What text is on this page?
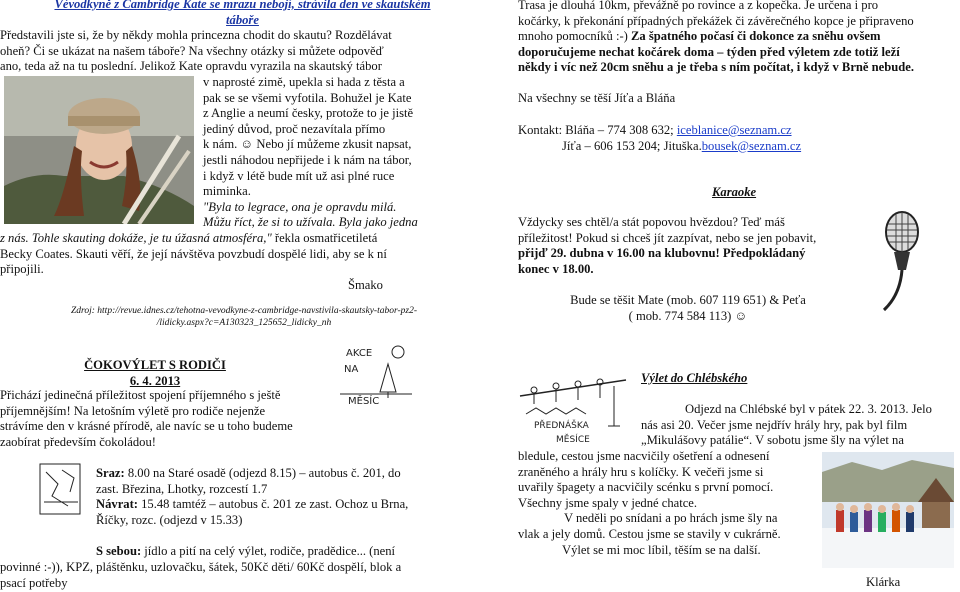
Vévodkyně z Cambridge Kate se mrazu nebojí, strávila den ve skautském
táboře
Představili jste si, že by někdy mohla princezna chodit do skautu? Rozdělávat
oheň? Či se ukázat na našem táboře? Na všechny otázky si můžete odpověď
ano, teda až na tu poslední. Jelikož Kate opravdu vyrazila na skautský tábor
v naprosté zimě, upekla si hada z těsta a
pak se se všemi vyfotila. Bohužel je Kate
z Anglie a neumí česky, protože to je jistě
jediný důvod, proč nezavítala přímo
k nám. ☺ Nebo jí můžeme zkusit napsat,
jestli náhodou nepřijede i k nám na tábor,
i když v létě bude mít už asi plné ruce
miminka.
"Byla to legrace, ona je opravdu milá.
Můžu říct, že si to užívala. Byla jako jedna
z nás. Tohle skauting dokáže, je tu úžasná atmosféra," řekla osmatřicetiletá
Becky Coates. Skauti věří, že její návštěva povzbudí dospělé lidi, aby se k ní
připojili.
Šmako
Zdroj: http://revue.idnes.cz/tehotna-vevodkyne-z-cambridge-navstivila-skautsky-tabor-pz2-
/lidicky.aspx?c=A130323_125652_lidicky_nh
Trasa je dlouhá 10km, převážně po rovince a z kopečka. Je určena i pro
kočárky, k překonání případných překážek či závěrečného kopce je připraveno
mnoho pomocníků :-) Za špatného počasí či dokonce za sněhu ovšem
doporučujeme nechat kočárek doma – týden před výletem zde totiž leží
někdy i víc než 20cm sněhu a je třeba s ním počítat, i když v Brně nebude.
Na všechny se těší Jíťa a Bláňa
Kontakt: Bláňa – 774 308 632; iceblanice@seznam.cz
Jíťa – 606 153 204; Jituška.bousek@seznam.cz
Karaoke
Vždycky ses chtěl/a stát popovou hvězdou? Teď máš
příležitost! Pokud si chceš jít zazpívat, nebo se jen pobavit,
přijď 29. dubna v 16.00 na klubovnu! Předpokládaný
konec v 18.00.
Bude se těšit Mate (mob. 607 119 651) & Peťa
( mob. 774 584 113) ☺
ČOKOVÝLET S RODIČI
6. 4. 2013
AKCE
NA
MĚSÍC
Přichází jedinečná příležitost spojení příjemného s ještě
příjemnějším! Na letošním výletě pro rodiče nejenže
strávíme den v krásné přírodě, ale navíc se u toho budeme
zaobírat především čokoládou!
Sraz: 8.00 na Staré osadě (odjezd 8.15) – autobus č. 201, do
zast. Březina, Lhotky, rozcestí 1.7
Návrat: 15.48 tamtéž – autobus č. 201 ze zast. Ochoz u Brna,
Říčky, rozc. (odjezd v 15.33)
S sebou: jídlo a pití na celý výlet, rodiče, pradědice... (není
povinné :-)), KPZ, pláštěnku, uzlovačku, šátek, 50Kč děti/ 60Kč dospělí, blok a
psací potřeby
PŘEDNÁŠKA
MĚSÍCE
Výlet do Chlébského
Odjezd na Chlébské byl v pátek 22. 3. 2013. Jelo
nás asi 20. Večer jsme nejdřív hrály hry, pak byl film
„Mikulášovy patálie“. V sobotu jsme šly na výlet na
bledule, cestou jsme nacvičily ošetření a odnesení
zraněného a hrály hru s kolíčky. K večeři jsme si
uvařily špagety a nacvičily scénku s první pomocí.
Všechny jsme spaly v jedné chatce.
V neděli po snídani a po hrách jsme šly na
vlak a jely domů. Cestou jsme se stavily v cukrárně.
Výlet se mi moc líbil, těším se na další.
Klárka
